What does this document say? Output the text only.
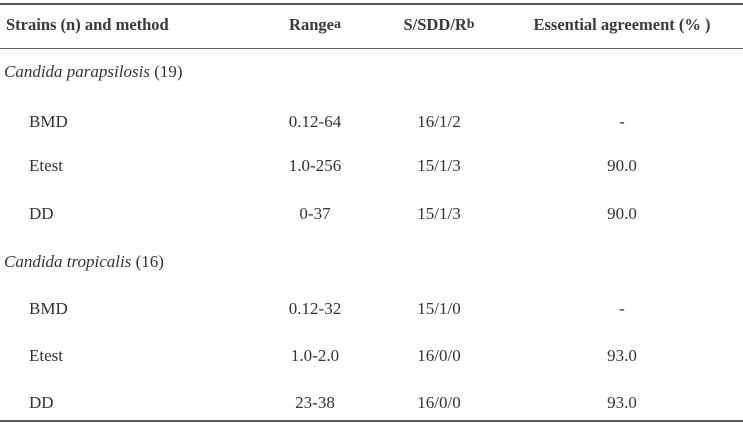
Strains (n) and method	Range$^a$	$S/SDD/R^b$	Essential agreement (% )
Candida parapsilosis (19)
BMD	0.12-64	16/1/2	-
Etest	1.0-256	15/1/3	90.0
DD	0-37	15/1/3	90.0
Candida tropicalis (16)
BMD	0.12-32	15/1/0	-
Etest	1.0-2.0	16/0/0	93.0
DD	23-38	16/0/0	93.0
